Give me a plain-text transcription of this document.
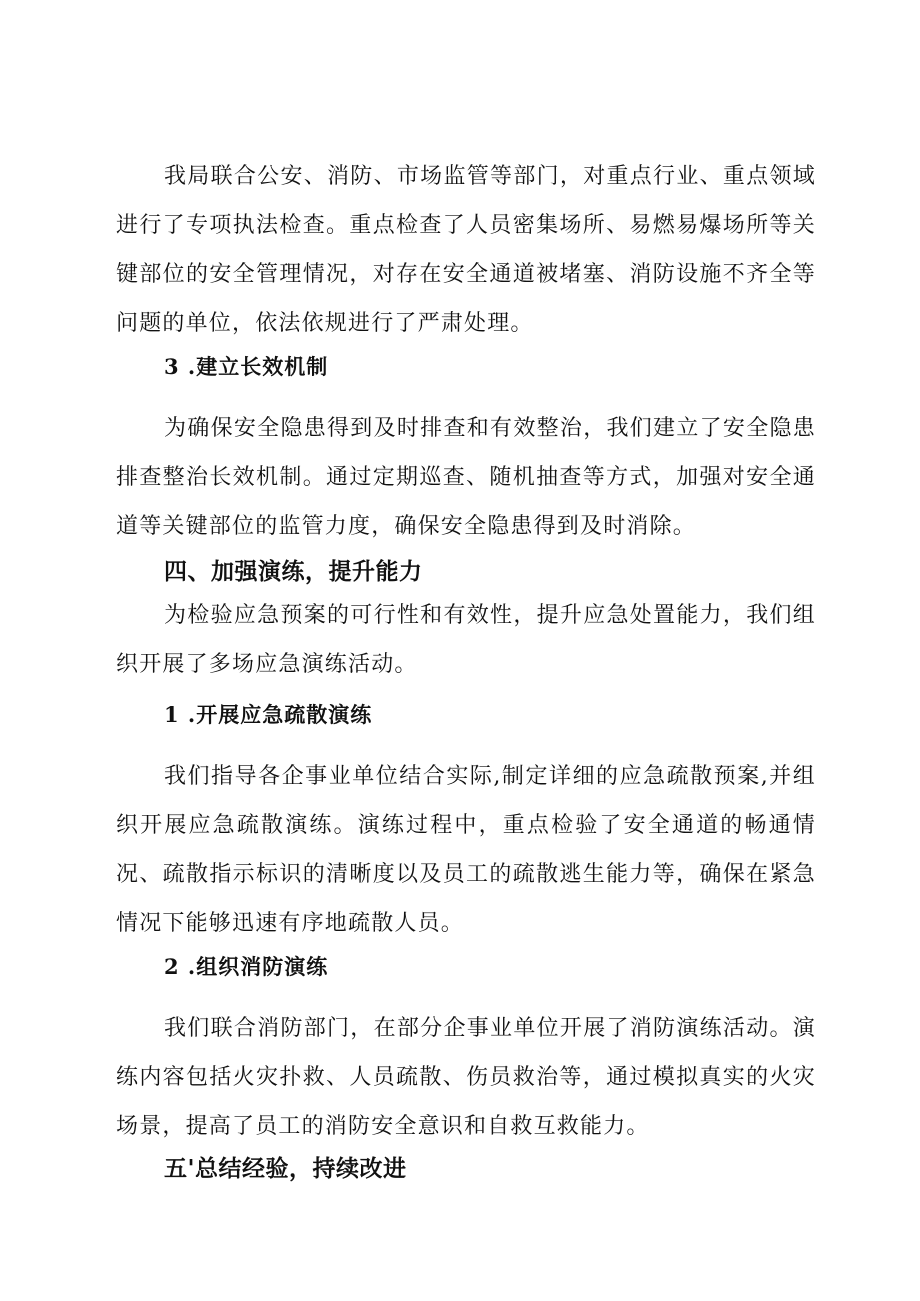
我局联合公安、消防、市场监管等部门，对重点行业、重点领域进行了专项执法检查。重点检查了人员密集场所、易燃易爆场所等关键部位的安全管理情况，对存在安全通道被堵塞、消防设施不齐全等问题的单位，依法依规进行了严肃处理。

3 .建立长效机制

为确保安全隐患得到及时排查和有效整治，我们建立了安全隐患排查整治长效机制。通过定期巡查、随机抽查等方式，加强对安全通道等关键部位的监管力度，确保安全隐患得到及时消除。

四、加强演练，提升能力

为检验应急预案的可行性和有效性，提升应急处置能力，我们组织开展了多场应急演练活动。

1 .开展应急疏散演练

我们指导各企事业单位结合实际,制定详细的应急疏散预案,并组织开展应急疏散演练。演练过程中，重点检验了安全通道的畅通情况、疏散指示标识的清晰度以及员工的疏散逃生能力等，确保在紧急情况下能够迅速有序地疏散人员。

2 .组织消防演练

我们联合消防部门，在部分企事业单位开展了消防演练活动。演练内容包括火灾扑救、人员疏散、伤员救治等，通过模拟真实的火灾场景，提高了员工的消防安全意识和自救互救能力。

五'总结经验，持续改进
